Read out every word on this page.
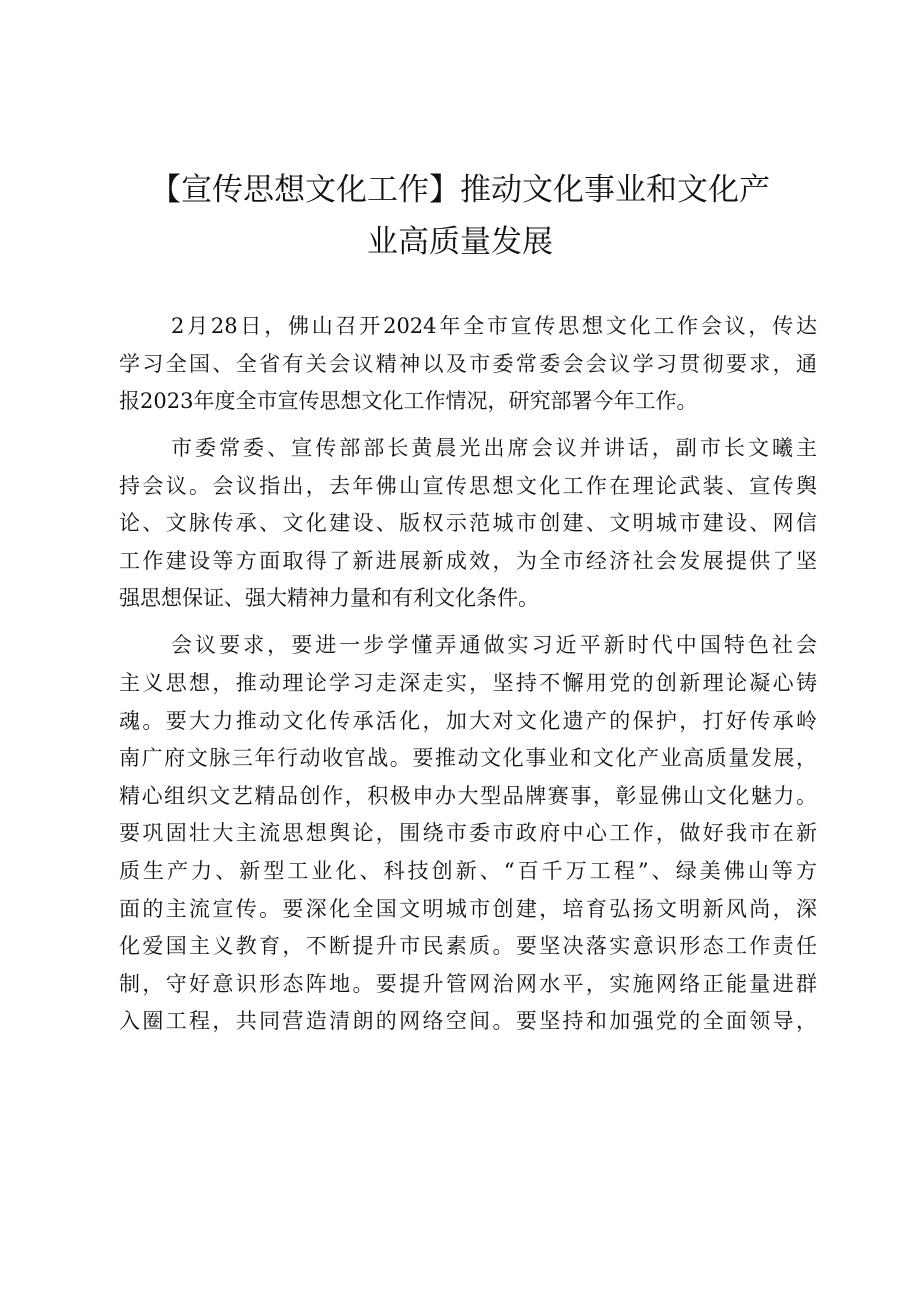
【宣传思想文化工作】推动文化事业和文化产
业高质量发展

2月28日，佛山召开2024年全市宣传思想文化工作会议，传达
学习全国、全省有关会议精神以及市委常委会会议学习贯彻要求，通
报2023年度全市宣传思想文化工作情况，研究部署今年工作。

市委常委、宣传部部长黄晨光出席会议并讲话，副市长文曦主
持会议。会议指出，去年佛山宣传思想文化工作在理论武装、宣传舆
论、文脉传承、文化建设、版权示范城市创建、文明城市建设、网信
工作建设等方面取得了新进展新成效，为全市经济社会发展提供了坚
强思想保证、强大精神力量和有利文化条件。

会议要求，要进一步学懂弄通做实习近平新时代中国特色社会
主义思想，推动理论学习走深走实，坚持不懈用党的创新理论凝心铸
魂。要大力推动文化传承活化，加大对文化遗产的保护，打好传承岭
南广府文脉三年行动收官战。要推动文化事业和文化产业高质量发展，
精心组织文艺精品创作，积极申办大型品牌赛事，彰显佛山文化魅力。
要巩固壮大主流思想舆论，围绕市委市政府中心工作，做好我市在新
质生产力、新型工业化、科技创新、“百千万工程”、绿美佛山等方
面的主流宣传。要深化全国文明城市创建，培育弘扬文明新风尚，深
化爱国主义教育，不断提升市民素质。要坚决落实意识形态工作责任
制，守好意识形态阵地。要提升管网治网水平，实施网络正能量进群
入圈工程，共同营造清朗的网络空间。要坚持和加强党的全面领导，
